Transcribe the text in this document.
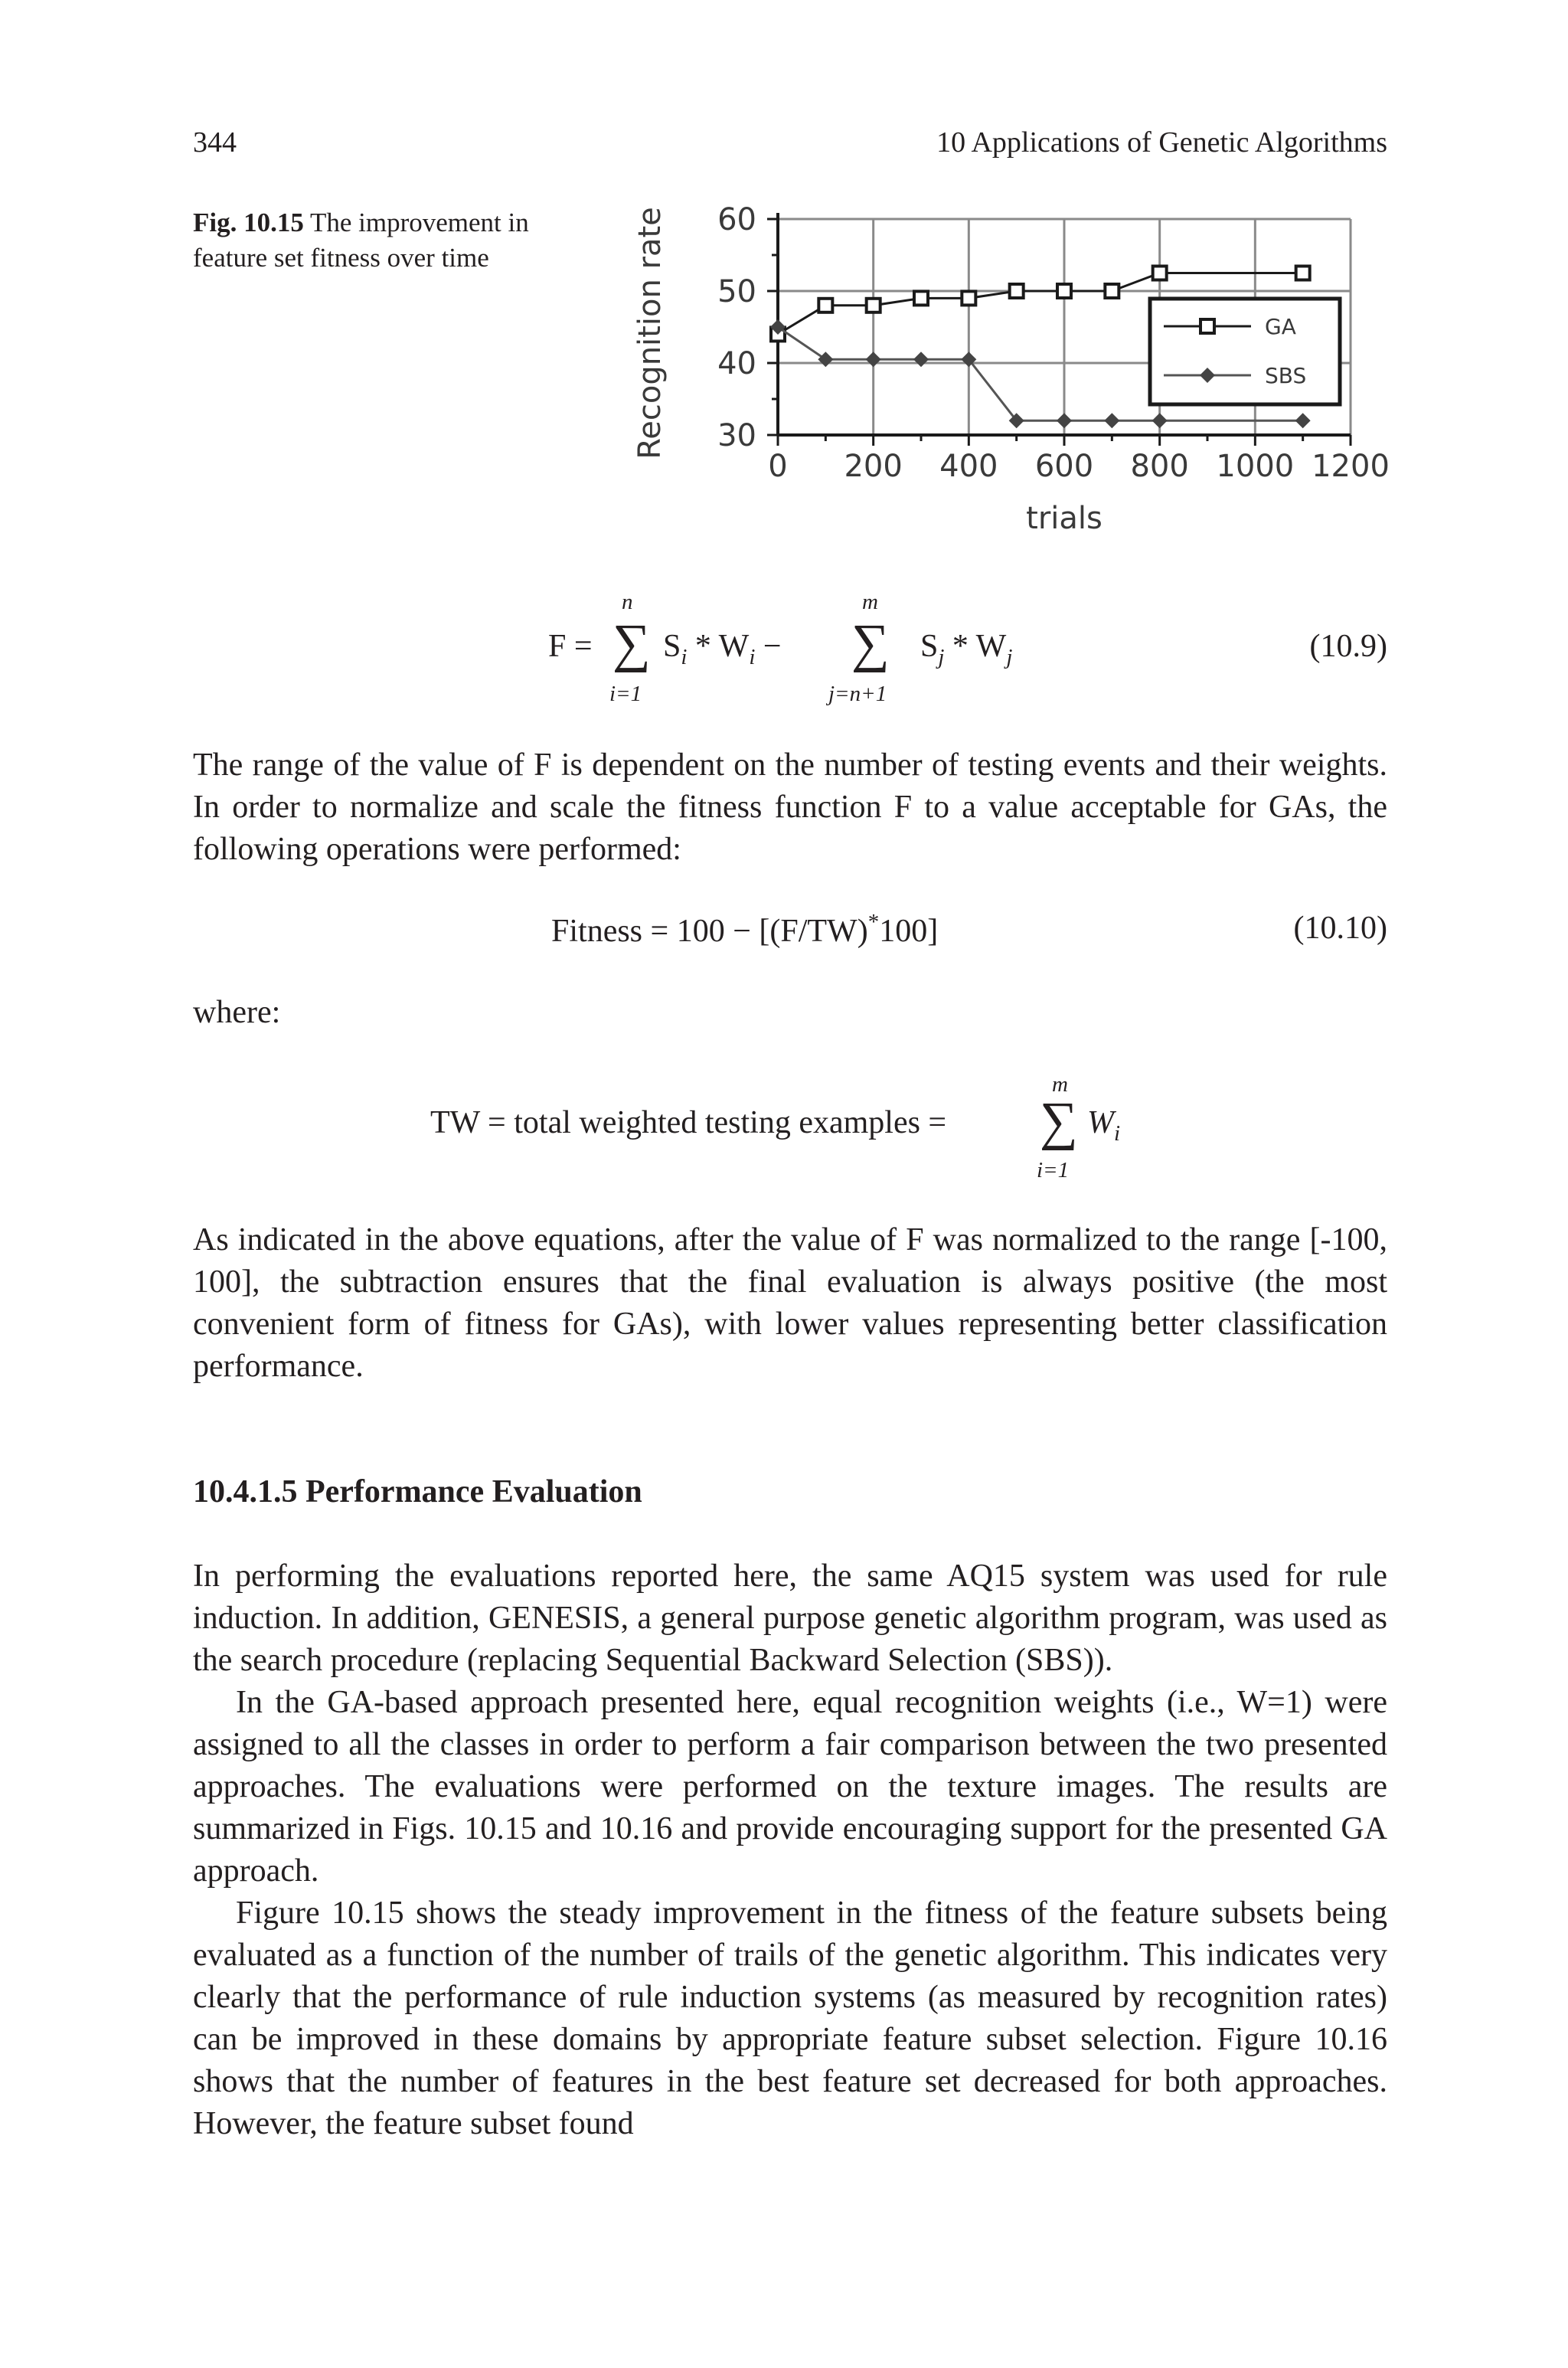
344	10 Applications of Genetic Algorithms
Fig. 10.15 The improvement in feature set fitness over time
0 200 400 600 800 1000 1200
30
40
50
60
GA
SBS
Recognition rate
trials
F =
n
∑
i=1
$S_i * W_i$ −
m
∑
j=n+1
$S_j * W_j$	(10.9)
The range of the value of F is dependent on the number of testing events and their weights. In order to normalize and scale the fitness function F to a value acceptable for GAs, the following operations were performed:
Fitness = 100 − [(F/TW)*100]	(10.10)
where:
TW = total weighted testing examples =
m
∑
i=1
$W_i$
As indicated in the above equations, after the value of F was normalized to the range [-100, 100], the subtraction ensures that the final evaluation is always positive (the most convenient form of fitness for GAs), with lower values representing better classification performance.
10.4.1.5 Performance Evaluation
In performing the evaluations reported here, the same AQ15 system was used for rule induction. In addition, GENESIS, a general purpose genetic algorithm program, was used as the search procedure (replacing Sequential Backward Selection (SBS)).
In the GA-based approach presented here, equal recognition weights (i.e., W=1) were assigned to all the classes in order to perform a fair comparison between the two presented approaches. The evaluations were performed on the texture images. The results are summarized in Figs. 10.15 and 10.16 and provide encouraging support for the presented GA approach.
Figure 10.15 shows the steady improvement in the fitness of the feature subsets being evaluated as a function of the number of trails of the genetic algorithm. This indicates very clearly that the performance of rule induction systems (as measured by recognition rates) can be improved in these domains by appropriate feature subset selection. Figure 10.16 shows that the number of features in the best feature set decreased for both approaches. However, the feature subset found
